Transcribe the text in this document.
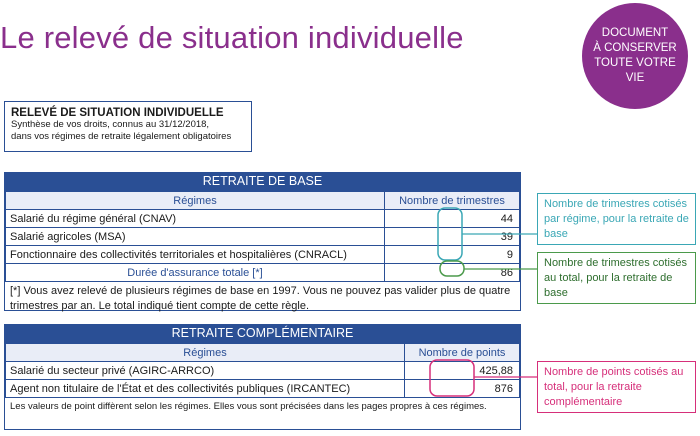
Le relevé de situation individuelle	DOCUMENT
À CONSERVER
TOUTE VOTRE
VIE
RELEVÉ DE SITUATION INDIVIDUELLE
Synthèse de vos droits, connus au 31/12/2018,
dans vos régimes de retraite légalement obligatoires
RETRAITE DE BASE
Régimes	Nombre de trimestres
Salarié du régime général (CNAV)	44
Salarié agricoles (MSA)	39
Fonctionnaire des collectivités territoriales et hospitalières (CNRACL)	9
Durée d'assurance totale [*]	86
[*] Vous avez relevé de plusieurs régimes de base en 1997. Vous ne pouvez pas valider plus de quatre trimestres par an. Le total indiqué tient compte de cette règle.
RETRAITE COMPLÉMENTAIRE
Régimes	Nombre de points
Salarié du secteur privé (AGIRC-ARRCO)	425,88
Agent non titulaire de l'État et des collectivités publiques (IRCANTEC)	876
Les valeurs de point diffèrent selon les régimes. Elles vous sont précisées dans les pages propres à ces régimes.
Nombre de trimestres cotisés par régime, pour la retraite de base
Nombre de trimestres cotisés au total, pour la retraite de base
Nombre de points cotisés au total, pour la retraite complémentaire
